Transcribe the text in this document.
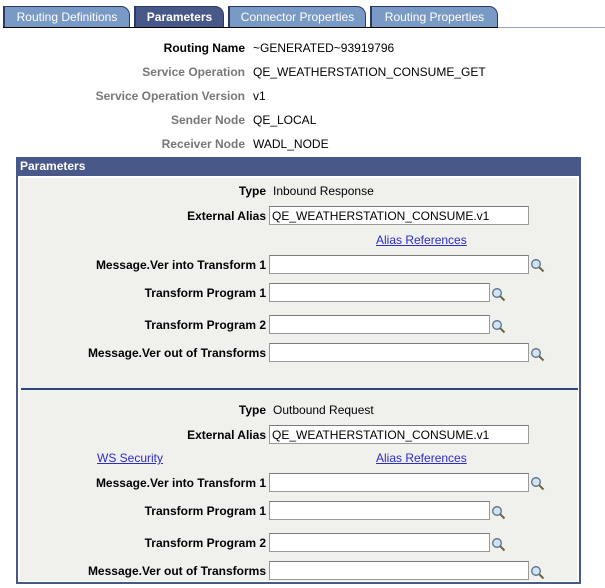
Routing Definitions	Parameters	Connector Properties	Routing Properties
Routing Name ~GENERATED~93919796
Service Operation QE_WEATHERSTATION_CONSUME_GET
Service Operation Version v1
Sender Node QE_LOCAL
Receiver Node WADL_NODE
Parameters
Type Inbound Response
External Alias
QE_WEATHERSTATION_CONSUME.v1
Alias References
Message.Ver into Transform 1
Transform Program 1
Transform Program 2
Message.Ver out of Transforms
Type Outbound Request
External Alias
QE_WEATHERSTATION_CONSUME.v1
WS Security	Alias References
Message.Ver into Transform 1
Transform Program 1
Transform Program 2
Message.Ver out of Transforms
